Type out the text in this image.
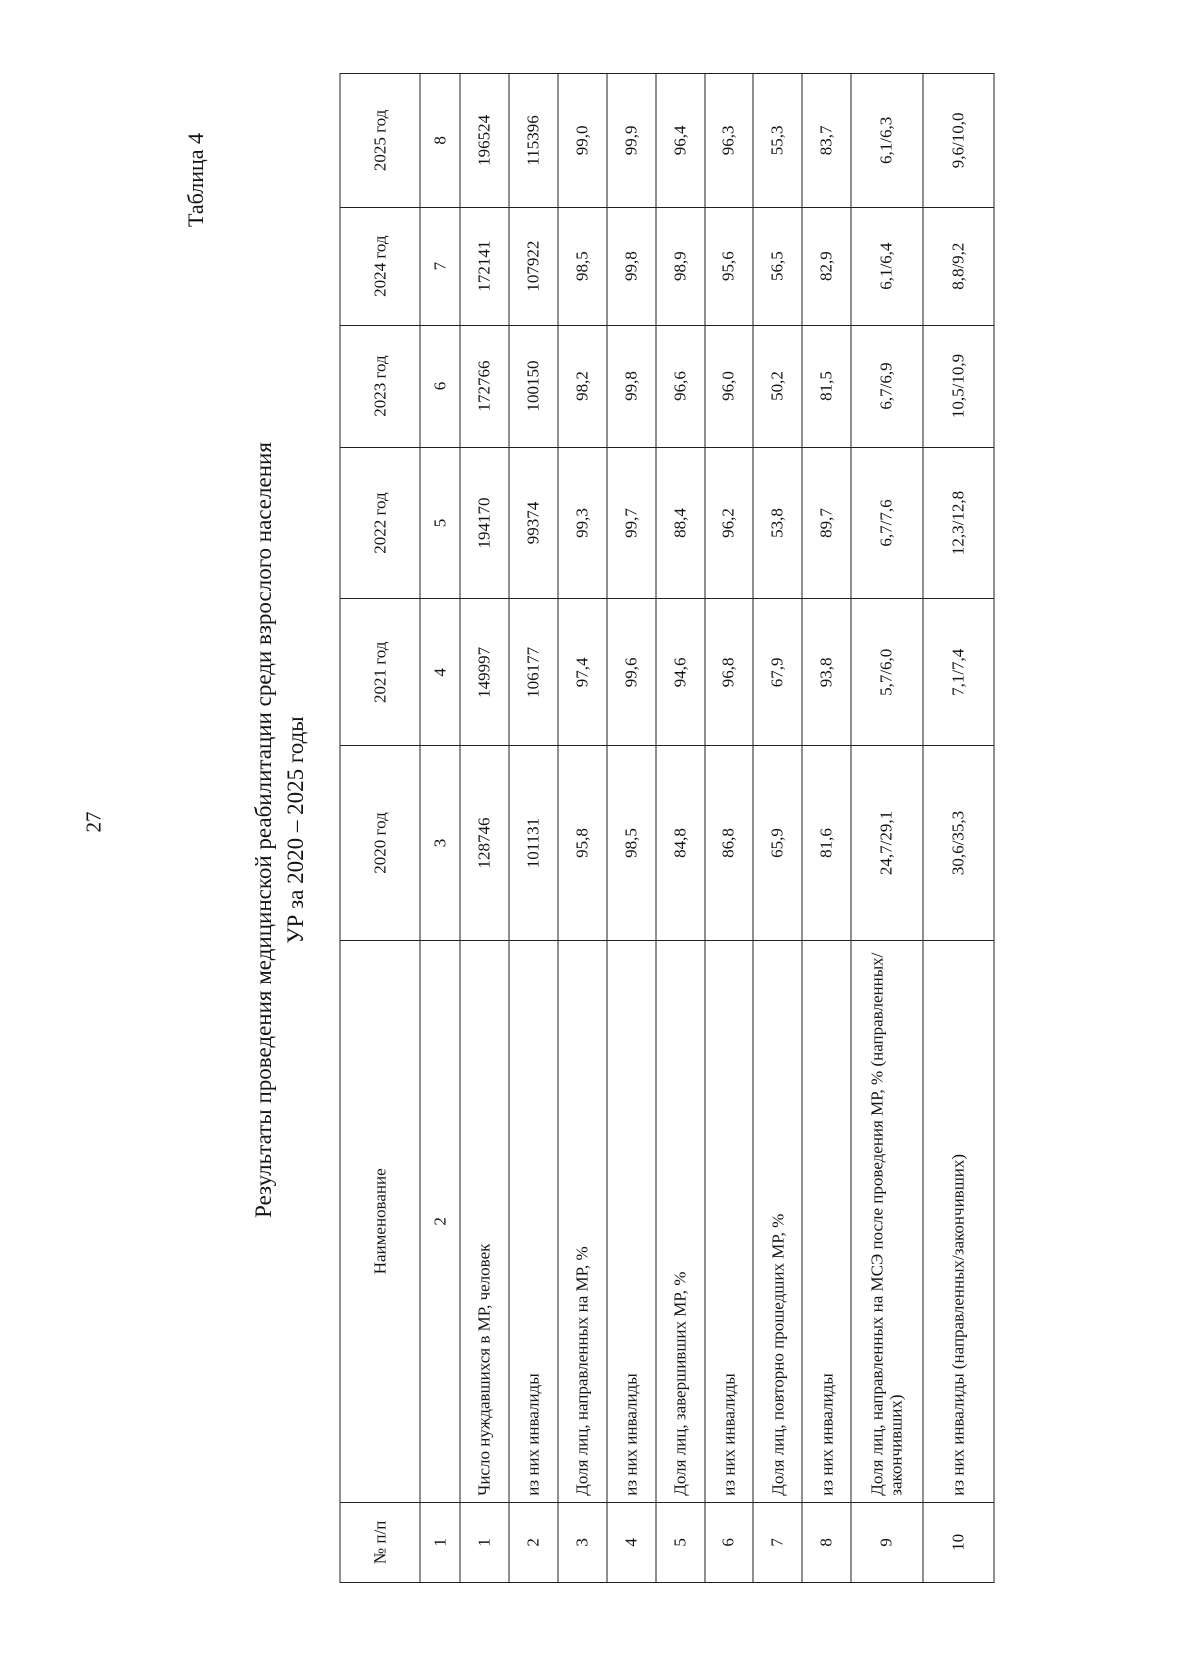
27
Таблица 4
Результаты проведения медицинской реабилитации среди взрослого населения УР за 2020 – 2025 годы
№ п/п	Наименование	2020 год	2021 год	2022 год	2023 год	2024 год	2025 год
1	2	3	4	5	6	7	8
1	Число нуждавшихся в МР, человек	128746	149997	194170	172766	172141	196524
2	из них инвалиды	101131	106177	99374	100150	107922	115396
3	Доля лиц, направленных на МР, %	95,8	97,4	99,3	98,2	98,5	99,0
4	из них инвалиды	98,5	99,6	99,7	99,8	99,8	99,9
5	Доля лиц, завершивших МР, %	84,8	94,6	88,4	96,6	98,9	96,4
6	из них инвалиды	86,8	96,8	96,2	96,0	95,6	96,3
7	Доля лиц, повторно прошедших МР, %	65,9	67,9	53,8	50,2	56,5	55,3
8	из них инвалиды	81,6	93,8	89,7	81,5	82,9	83,7
9	Доля лиц, направленных на МСЭ после проведения МР, % (направленных/закончивших)	24,7/29,1	5,7/6,0	6,7/7,6	6,7/6,9	6,1/6,4	6,1/6,3
10	из них инвалиды (направленных/закончивших)	30,6/35,3	7,1/7,4	12,3/12,8	10,5/10,9	8,8/9,2	9,6/10,0
